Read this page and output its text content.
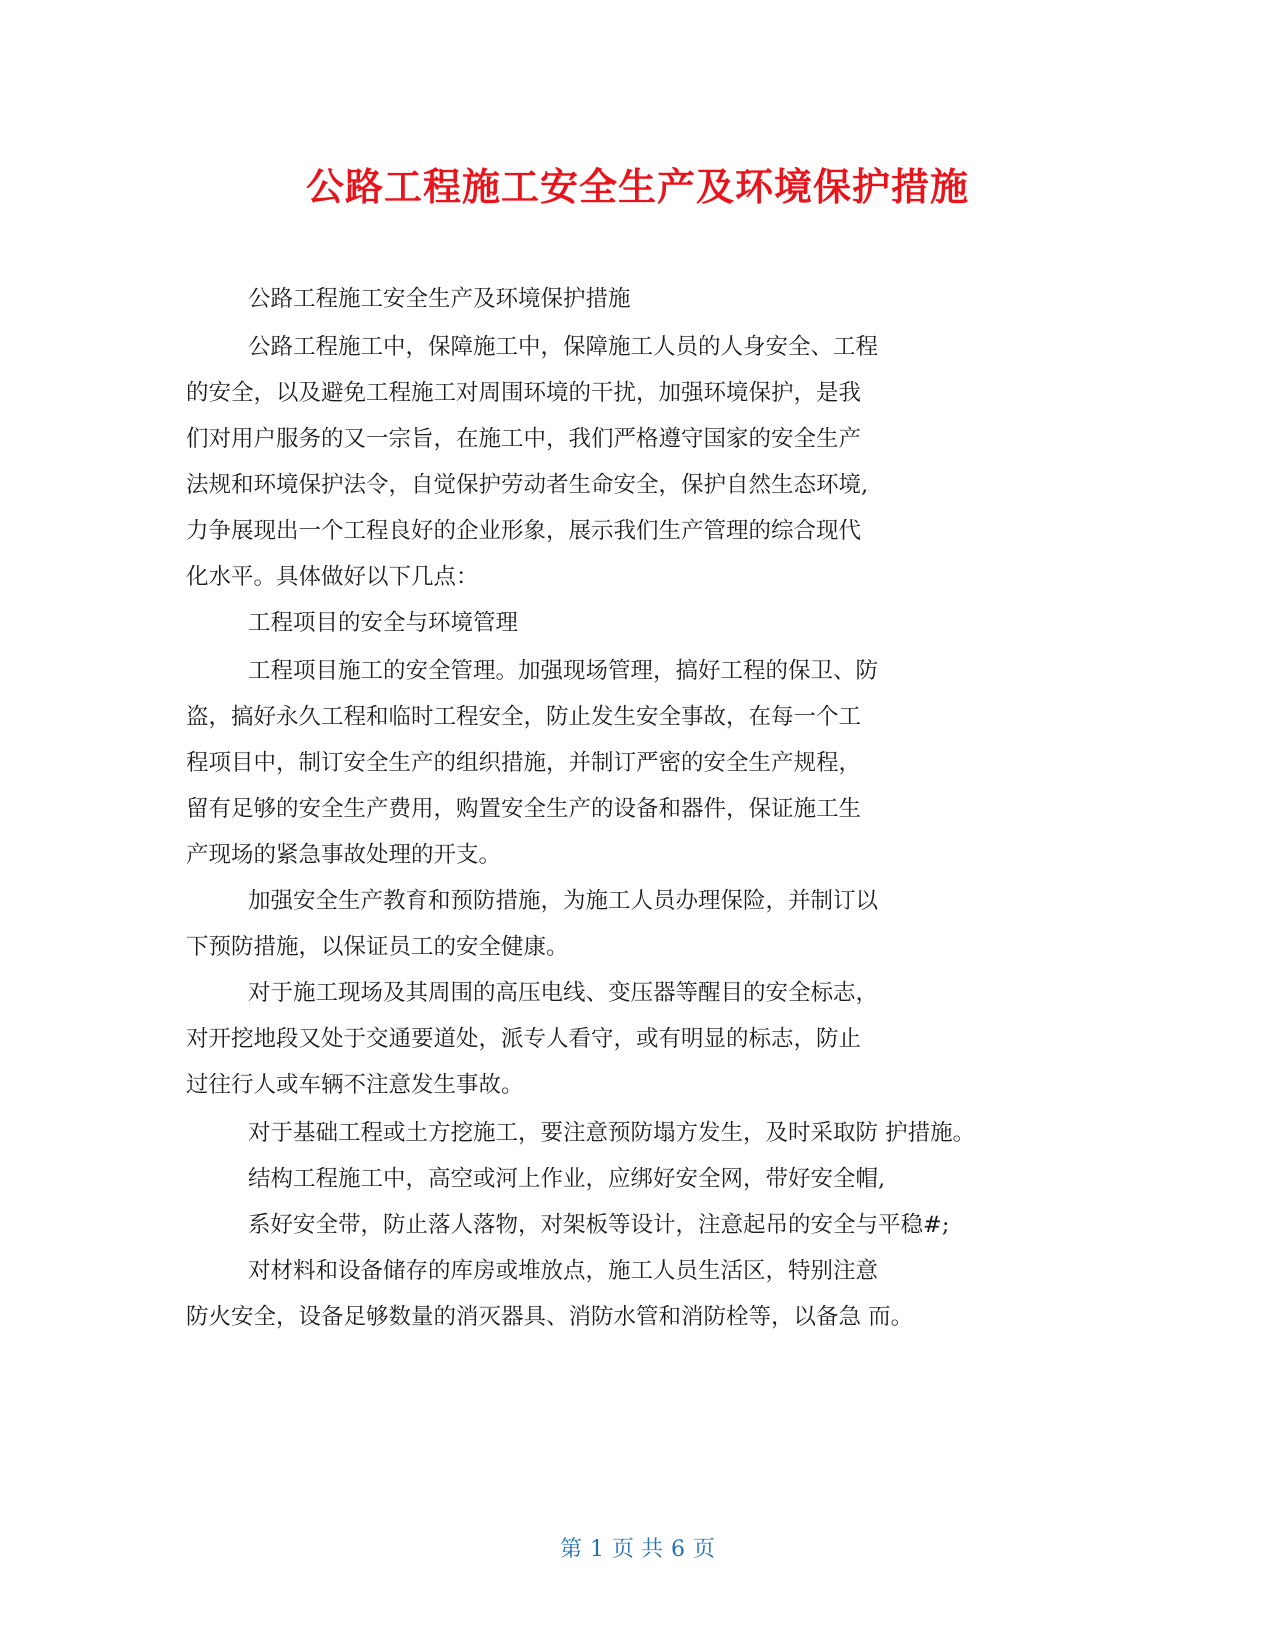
公路工程施工安全生产及环境保护措施
公路工程施工安全生产及环境保护措施
公路工程施工中，保障施工中，保障施工人员的人身安全、工程
的安全，以及避免工程施工对周围环境的干扰，加强环境保护，是我
们对用户服务的又一宗旨，在施工中，我们严格遵守国家的安全生产
法规和环境保护法令，自觉保护劳动者生命安全，保护自然生态环境,
力争展现出一个工程良好的企业形象，展示我们生产管理的综合现代
化水平。具体做好以下几点：
工程项目的安全与环境管理
工程项目施工的安全管理。加强现场管理，搞好工程的保卫、防
盗，搞好永久工程和临时工程安全，防止发生安全事故，在每一个工
程项目中，制订安全生产的组织措施，并制订严密的安全生产规程，
留有足够的安全生产费用，购置安全生产的设备和器件，保证施工生
产现场的紧急事故处理的开支。
加强安全生产教育和预防措施，为施工人员办理保险，并制订以
下预防措施，以保证员工的安全健康。
对于施工现场及其周围的高压电线、变压器等醒目的安全标志，
对开挖地段又处于交通要道处，派专人看守，或有明显的标志，防止
过往行人或车辆不注意发生事故。
对于基础工程或土方挖施工，要注意预防塌方发生，及时采取防 护措施。
结构工程施工中，高空或河上作业，应绑好安全网，带好安全帽,
系好安全带，防止落人落物，对架板等设计，注意起吊的安全与平稳#;
对材料和设备储存的库房或堆放点，施工人员生活区，特别注意
防火安全，设备足够数量的消灭器具、消防水管和消防栓等，以备急 而。
第 1 页 共 6 页
